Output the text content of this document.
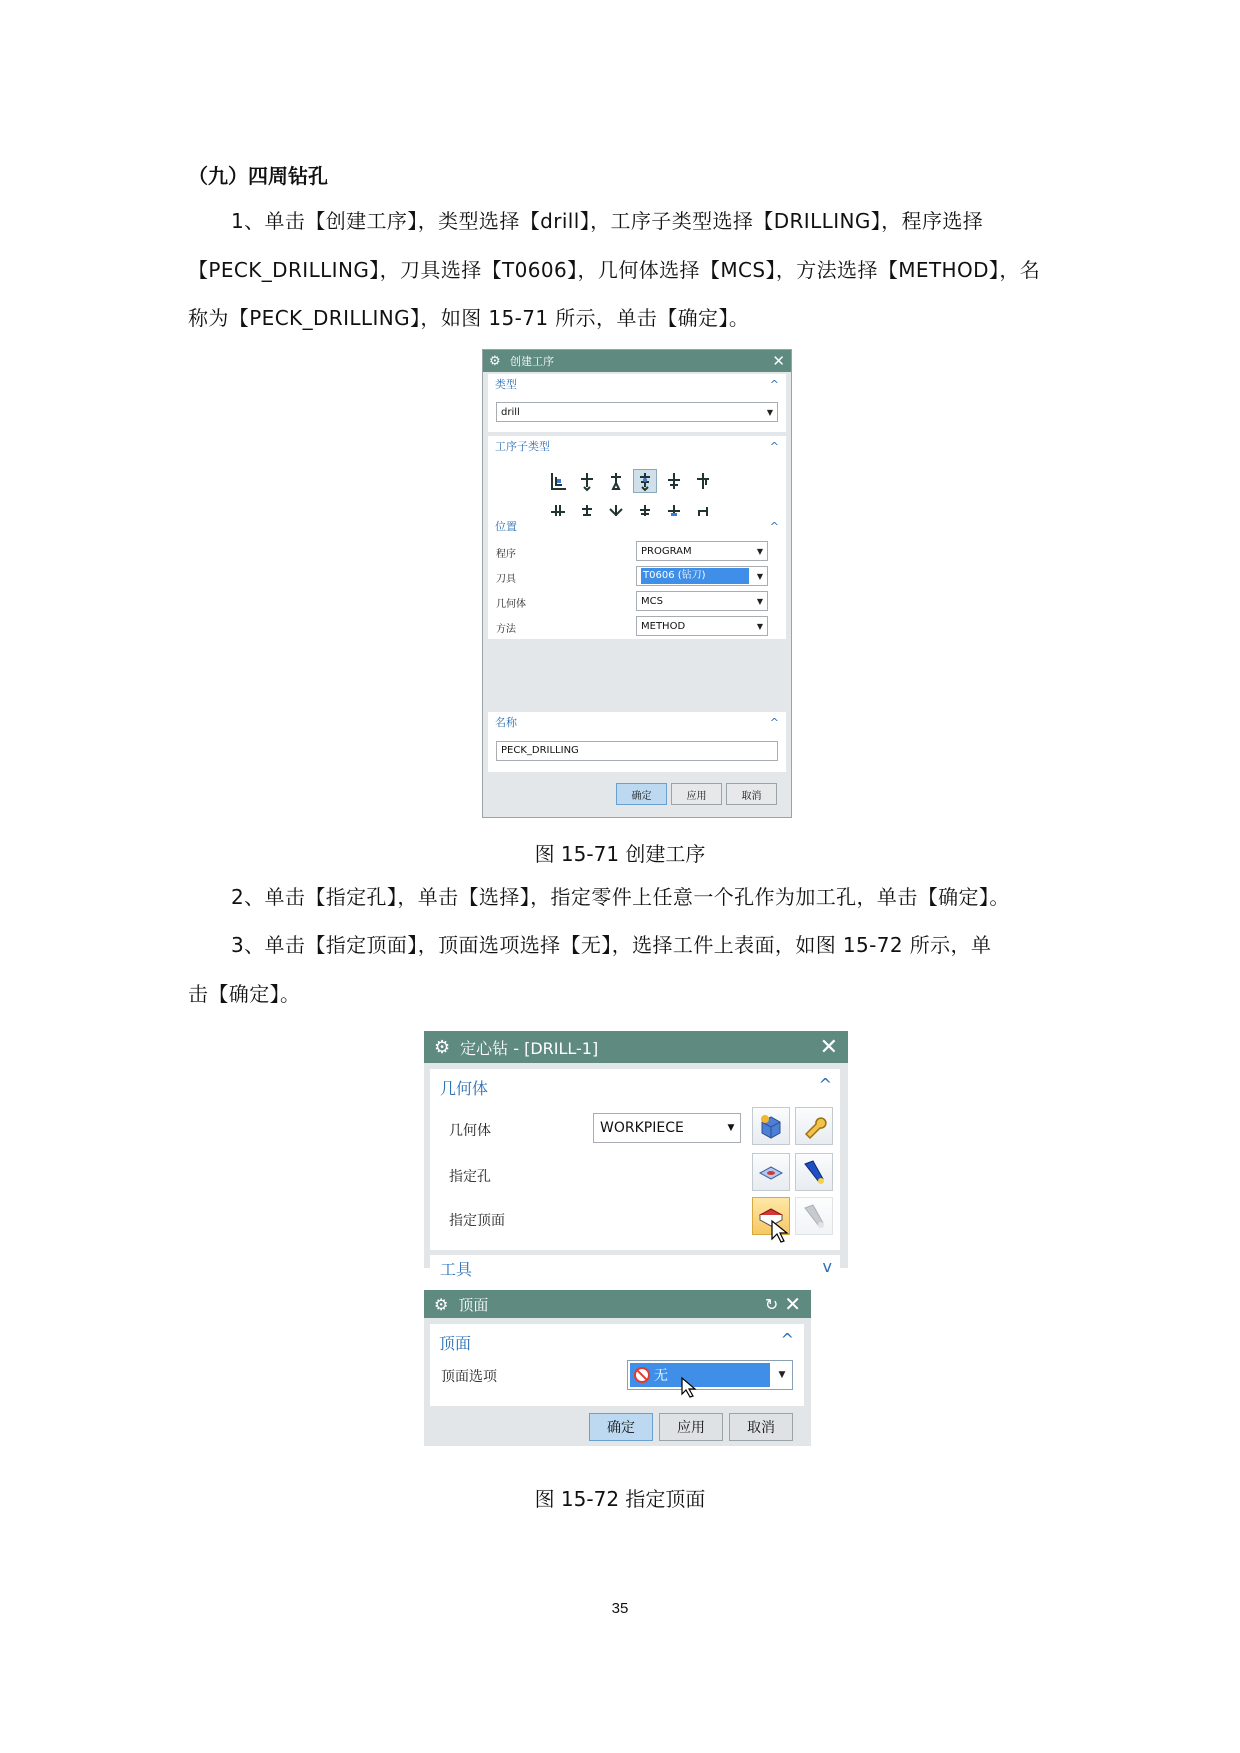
（九）四周钻孔
1、单击【创建工序】，类型选择【drill】，工序子类型选择【DRILLING】，程序选择
【PECK_DRILLING】，刀具选择【T0606】，几何体选择【MCS】，方法选择【METHOD】，名
称为【PECK_DRILLING】，如图 15-71 所示，单击【确定】。
⚙ 创建工序	✕
类型	^
drill	▼
工序子类型	^
位置	^
程序	PROGRAM	▼
刀具	T0606 (钻刀)	▼
几何体	MCS	▼
方法	METHOD	▼
名称	^
PECK_DRILLING
确定	应用	取消
图 15-71 创建工序
2、单击【指定孔】，单击【选择】，指定零件上任意一个孔作为加工孔，单击【确定】。
3、单击【指定顶面】，顶面选项选择【无】，选择工件上表面，如图 15-72 所示，单
击【确定】。
⚙ 定心钻 - [DRILL-1]	✕
几何体	^
几何体	WORKPIECE	▼
指定孔
指定顶面
工具	v
⚙ 顶面	↻ ✕
顶面	^
顶面选项	无	▼
确定	应用	取消
图 15-72 指定顶面
35
